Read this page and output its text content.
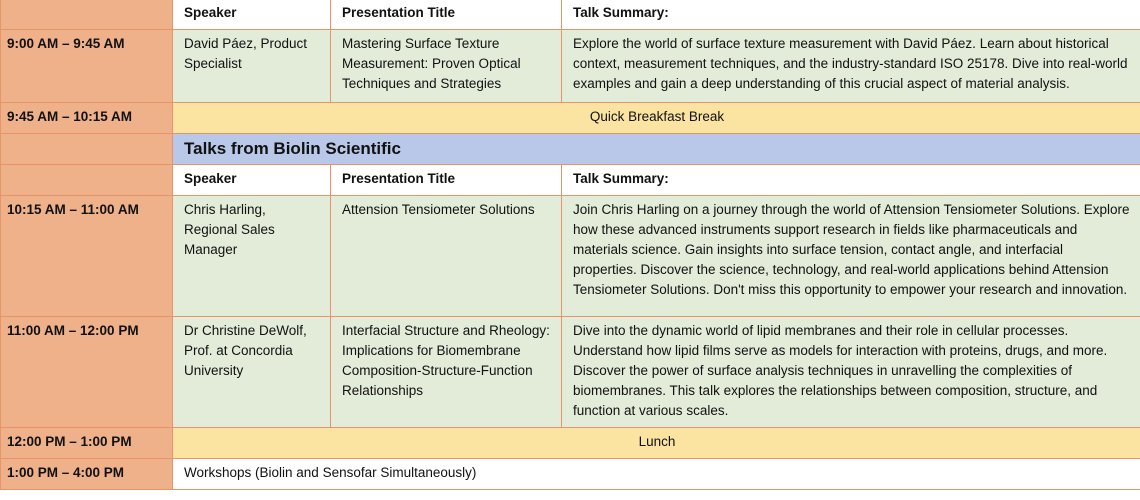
	Speaker	Presentation Title	Talk Summary:
9:00 AM – 9:45 AM	David Páez, Product Specialist	Mastering Surface Texture Measurement: Proven Optical Techniques and Strategies	Explore the world of surface texture measurement with David Páez. Learn about historical context, measurement techniques, and the industry-standard ISO 25178. Dive into real-world examples and gain a deep understanding of this crucial aspect of material analysis.
9:45 AM – 10:15 AM	Quick Breakfast Break		
	Talks from Biolin Scientific		
	Speaker	Presentation Title	Talk Summary:
10:15 AM – 11:00 AM	Chris Harling, Regional Sales Manager	Attension Tensiometer Solutions	Join Chris Harling on a journey through the world of Attension Tensiometer Solutions. Explore how these advanced instruments support research in fields like pharmaceuticals and materials science. Gain insights into surface tension, contact angle, and interfacial properties. Discover the science, technology, and real-world applications behind Attension Tensiometer Solutions. Don't miss this opportunity to empower your research and innovation.
11:00 AM – 12:00 PM	Dr Christine DeWolf, Prof. at Concordia University	Interfacial Structure and Rheology: Implications for Biomembrane Composition-Structure-Function Relationships	Dive into the dynamic world of lipid membranes and their role in cellular processes. Understand how lipid films serve as models for interaction with proteins, drugs, and more. Discover the power of surface analysis techniques in unravelling the complexities of biomembranes. This talk explores the relationships between composition, structure, and function at various scales.
12:00 PM – 1:00 PM	Lunch		
1:00 PM – 4:00 PM	Workshops (Biolin and Sensofar Simultaneously)		
